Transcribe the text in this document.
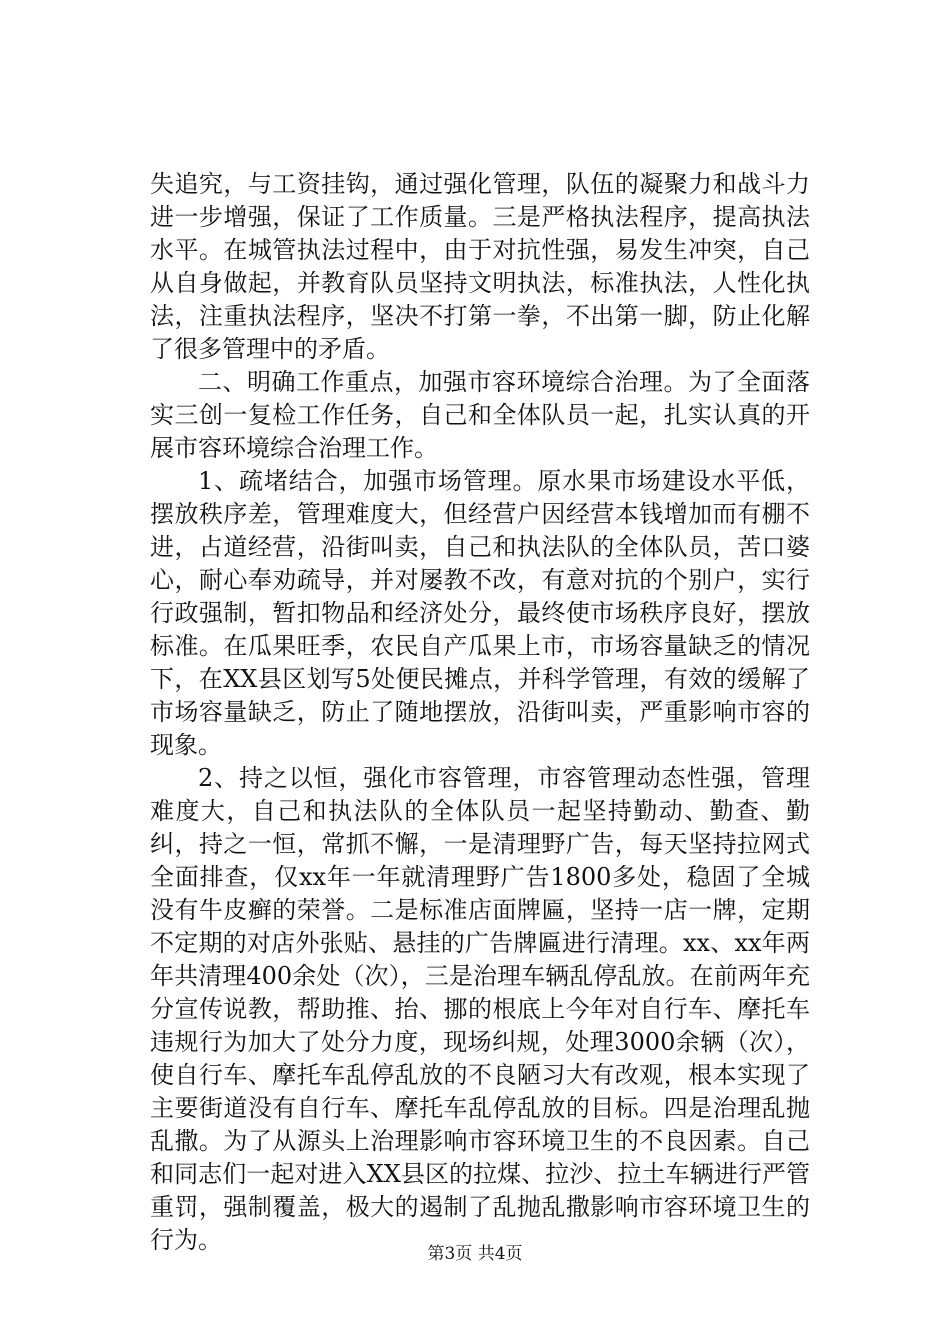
失追究，与工资挂钩，通过强化管理，队伍的凝聚力和战斗力进一步增强，保证了工作质量。三是严格执法程序，提高执法水平。在城管执法过程中，由于对抗性强，易发生冲突，自己从自身做起，并教育队员坚持文明执法，标准执法，人性化执法，注重执法程序，坚决不打第一拳，不出第一脚，防止化解了很多管理中的矛盾。

二、明确工作重点，加强市容环境综合治理。为了全面落实三创一复检工作任务，自己和全体队员一起，扎实认真的开展市容环境综合治理工作。

1、疏堵结合，加强市场管理。原水果市场建设水平低，摆放秩序差，管理难度大，但经营户因经营本钱增加而有棚不进，占道经营，沿街叫卖，自己和执法队的全体队员，苦口婆心，耐心奉劝疏导，并对屡教不改，有意对抗的个别户，实行行政强制，暂扣物品和经济处分，最终使市场秩序良好，摆放标准。在瓜果旺季，农民自产瓜果上市，市场容量缺乏的情况下，在XX县区划写5处便民摊点，并科学管理，有效的缓解了市场容量缺乏，防止了随地摆放，沿街叫卖，严重影响市容的现象。

2、持之以恒，强化市容管理，市容管理动态性强，管理难度大，自己和执法队的全体队员一起坚持勤动、勤查、勤纠，持之一恒，常抓不懈，一是清理野广告，每天坚持拉网式全面排查，仅xx年一年就清理野广告1800多处，稳固了全城没有牛皮癣的荣誉。二是标准店面牌匾，坚持一店一牌，定期不定期的对店外张贴、悬挂的广告牌匾进行清理。xx、xx年两年共清理400余处（次），三是治理车辆乱停乱放。在前两年充分宣传说教，帮助推、抬、挪的根底上今年对自行车、摩托车违规行为加大了处分力度，现场纠规，处理3000余辆（次），使自行车、摩托车乱停乱放的不良陋习大有改观，根本实现了主要街道没有自行车、摩托车乱停乱放的目标。四是治理乱抛乱撒。为了从源头上治理影响市容环境卫生的不良因素。自己和同志们一起对进入XX县区的拉煤、拉沙、拉土车辆进行严管重罚，强制覆盖，极大的遏制了乱抛乱撒影响市容环境卫生的行为。	第3页 共4页
